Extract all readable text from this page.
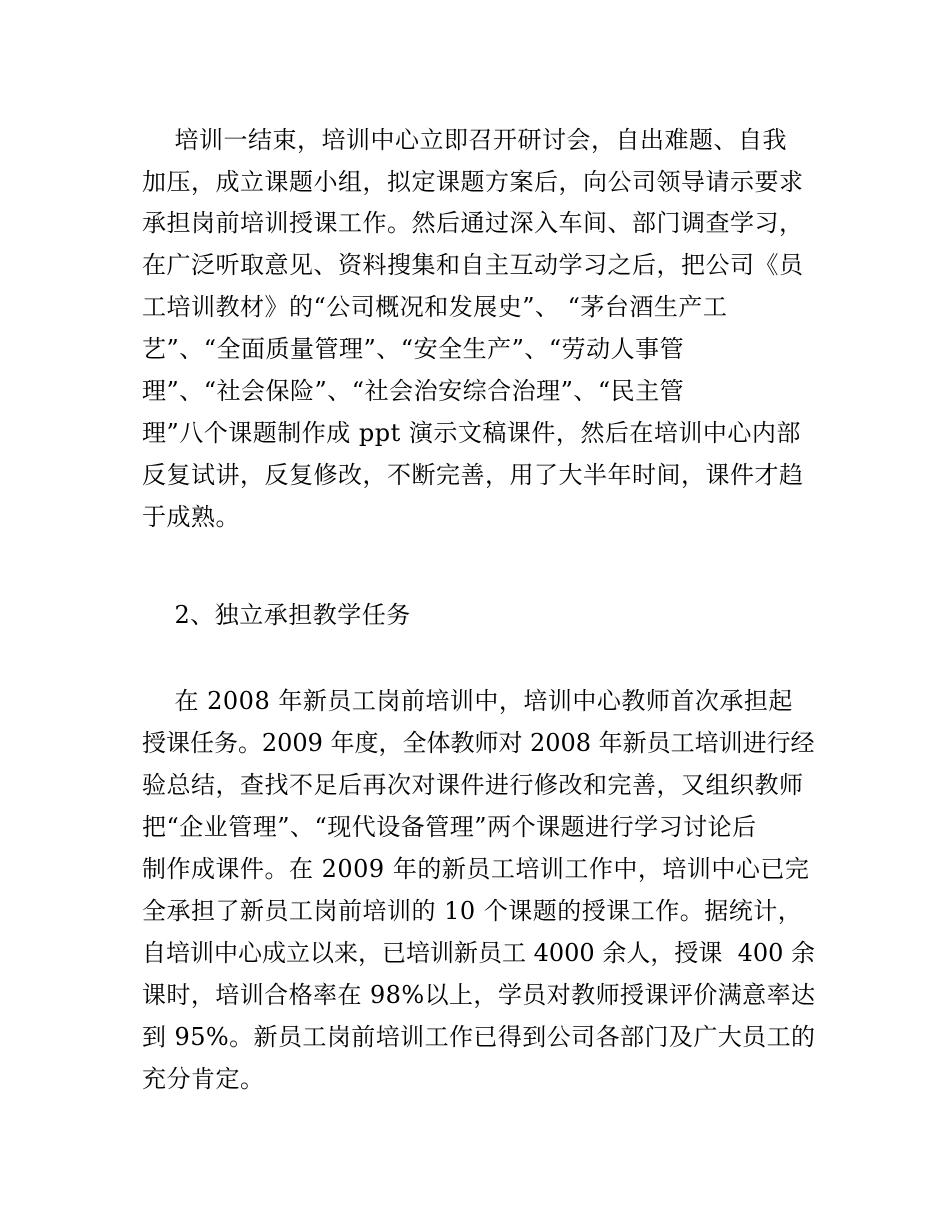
培训一结束，培训中心立即召开研讨会，自出难题、自我
加压，成立课题小组，拟定课题方案后，向公司领导请示要求
承担岗前培训授课工作。然后通过深入车间、部门调查学习，
在广泛听取意见、资料搜集和自主互动学习之后，把公司《员
工培训教材》的“公司概况和发展史”、 “茅台酒生产工
艺”、“全面质量管理”、“安全生产”、“劳动人事管
理”、“社会保险”、“社会治安综合治理”、“民主管
理”八个课题制作成 ppt 演示文稿课件，然后在培训中心内部
反复试讲，反复修改，不断完善，用了大半年时间，课件才趋
于成熟。
2、独立承担教学任务
在 2008 年新员工岗前培训中，培训中心教师首次承担起
授课任务。2009 年度，全体教师对 2008 年新员工培训进行经
验总结，查找不足后再次对课件进行修改和完善，又组织教师
把“企业管理”、“现代设备管理”两个课题进行学习讨论后
制作成课件。在 2009 年的新员工培训工作中，培训中心已完
全承担了新员工岗前培训的 10 个课题的授课工作。据统计，
自培训中心成立以来，已培训新员工 4000 余人，授课  400 余
课时，培训合格率在 98%以上，学员对教师授课评价满意率达
到 95%。新员工岗前培训工作已得到公司各部门及广大员工的
充分肯定。
